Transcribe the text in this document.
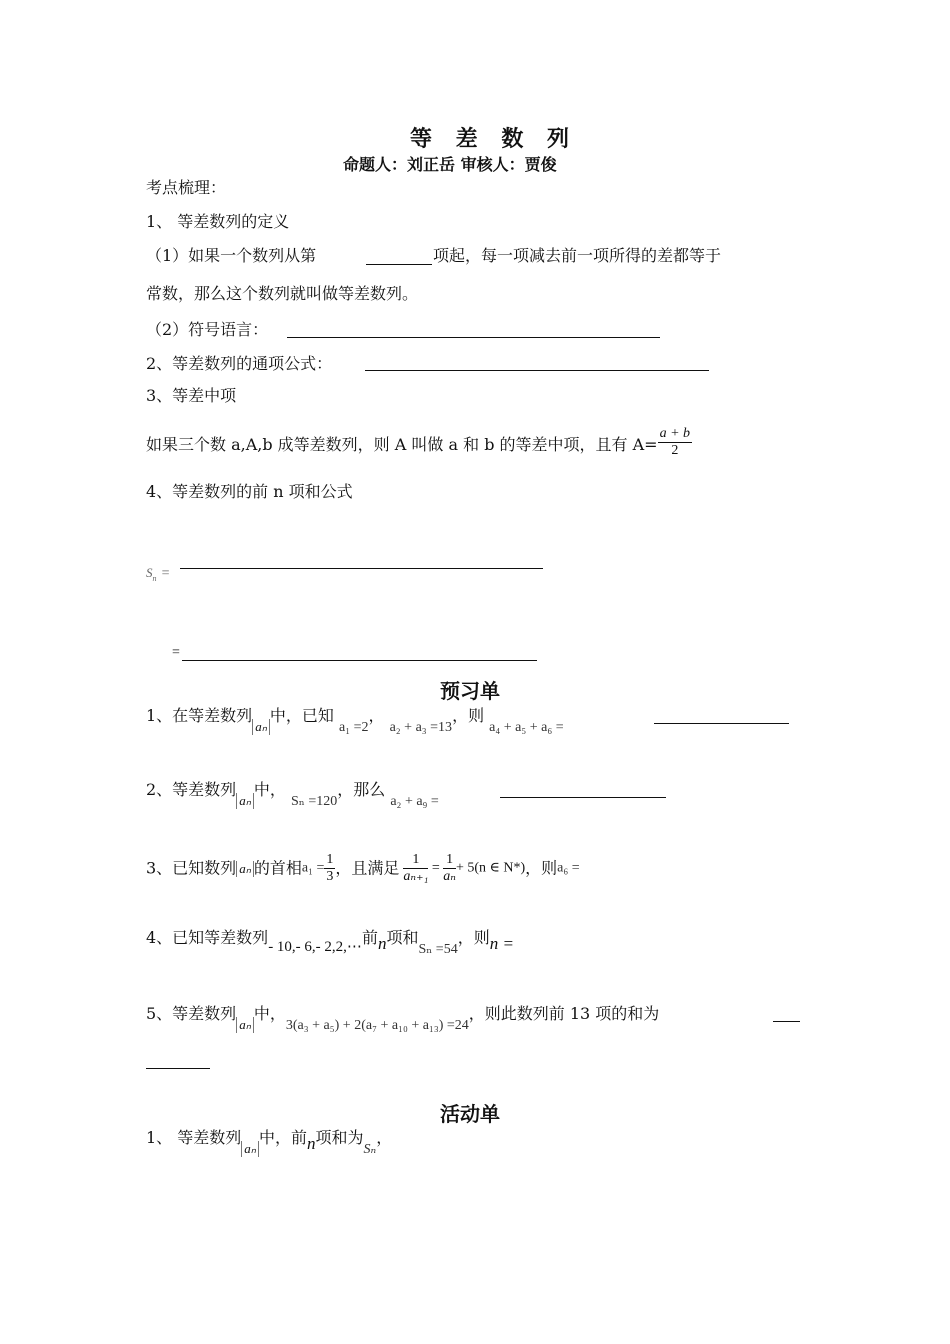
等 差 数 列
命题人：刘正岳 审核人：贾俊
考点梳理：
1、 等差数列的定义
（1）如果一个数列从第	项起，每一项减去前一项所得的差都等于
常数，那么这个数列就叫做等差数列。
（2）符号语言：
2、等差数列的通项公式：
3、等差中项
如果三个数 a,A,b 成等差数列，则 A 叫做 a 和 b 的等差中项，且有 $A= \frac{a + b}{2}$
4、等差数列的前 n 项和公式
$S_n$ =
=
预习单
1、在等差数列aₙ中，已知 a₁ =2， a₂ + a₃ =13，则 a₄ + a₅ + a₆ =
2、等差数列aₙ中， Sₙ =120，那么 a₂ + a₉ =
3、已知数列 aₙ 的首相$a_1 = \frac{1}{3}$ ，且满足 $\frac{1}{\text{aₙ₊₁}} = \frac{1}{\text{aₙ}} + 5(n$ ∈ N*)，则a₆ =
4、已知等差数列- 10,- 6,- 2,2,⋯前n项和Sₙ =54，则n =
5、等差数列aₙ中，3(a₃ + a₅) + 2(a₇ + a₁₀ + a₁₃) =24，则此数列前 13 项的和为
活动单
1、 等差数列aₙ中，前n项和为Sₙ，
